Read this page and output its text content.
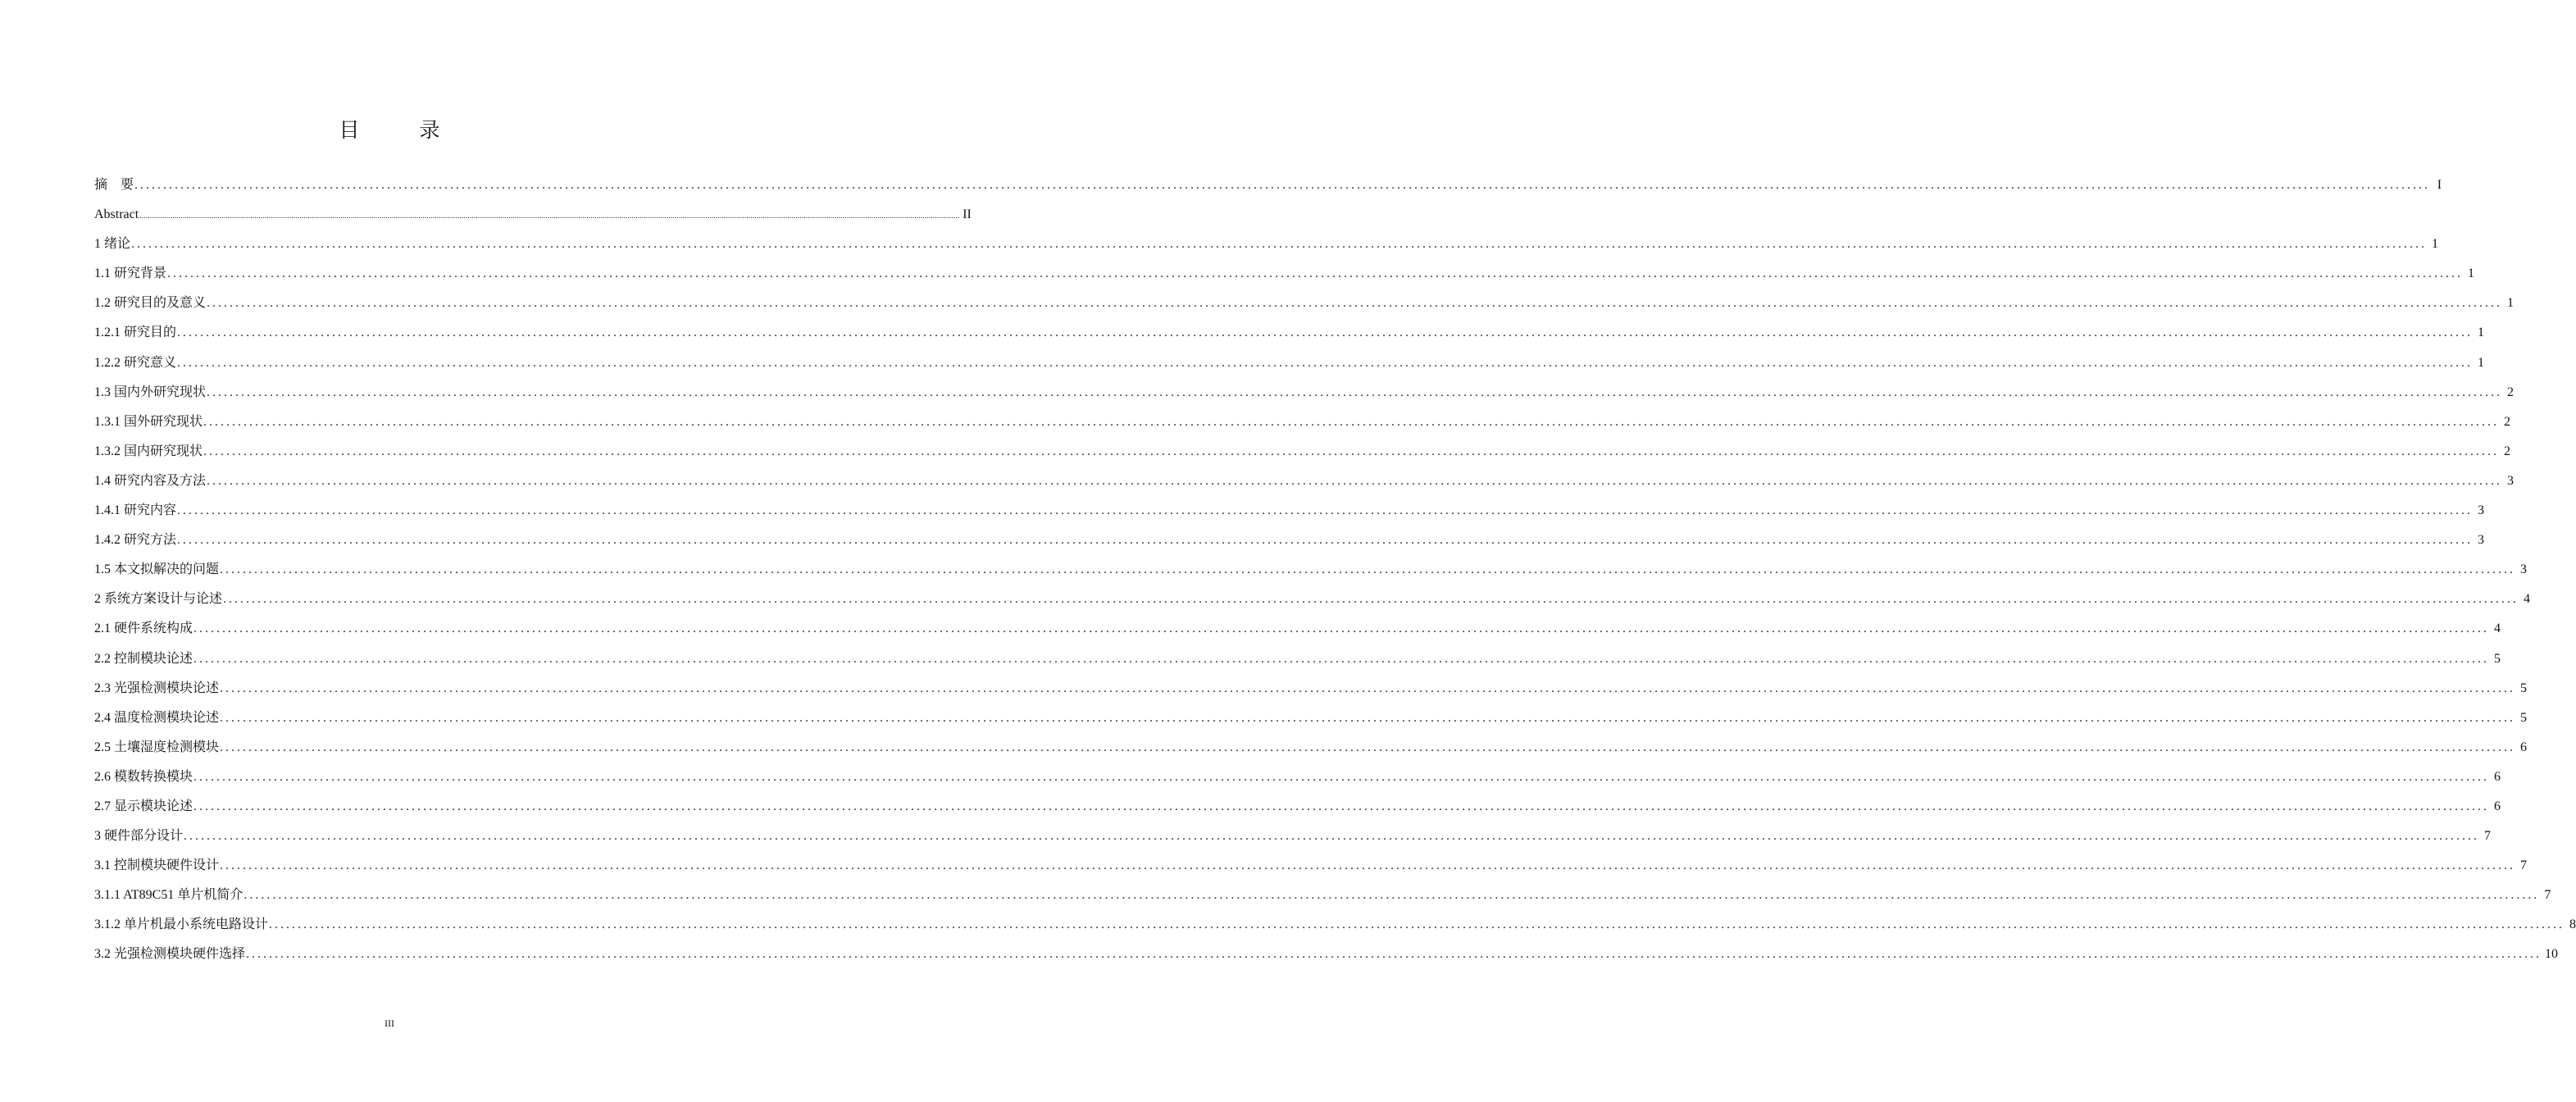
目　录
摘　要 ................................................................................................................................................................................................................................................................................................................................................................................................................ I
Abstract ................................................................................................................................................................................................................................................................................................................................................................................................................ II
1 绪论 ................................................................................................................................................................................................................................................................................................................................................................................................................ 1
1.1 研究背景 ................................................................................................................................................................................................................................................................................................................................................................................................................ 1
1.2 研究目的及意义 ................................................................................................................................................................................................................................................................................................................................................................................................................ 1
1.2.1 研究目的 ................................................................................................................................................................................................................................................................................................................................................................................................................ 1
1.2.2 研究意义 ................................................................................................................................................................................................................................................................................................................................................................................................................ 1
1.3 国内外研究现状 ................................................................................................................................................................................................................................................................................................................................................................................................................ 2
1.3.1 国外研究现状 ................................................................................................................................................................................................................................................................................................................................................................................................................ 2
1.3.2 国内研究现状 ................................................................................................................................................................................................................................................................................................................................................................................................................ 2
1.4 研究内容及方法 ................................................................................................................................................................................................................................................................................................................................................................................................................ 3
1.4.1 研究内容 ................................................................................................................................................................................................................................................................................................................................................................................................................ 3
1.4.2 研究方法 ................................................................................................................................................................................................................................................................................................................................................................................................................ 3
1.5 本文拟解决的问题 ................................................................................................................................................................................................................................................................................................................................................................................................................ 3
2 系统方案设计与论述 ................................................................................................................................................................................................................................................................................................................................................................................................................ 4
2.1 硬件系统构成 ................................................................................................................................................................................................................................................................................................................................................................................................................ 4
2.2 控制模块论述 ................................................................................................................................................................................................................................................................................................................................................................................................................ 5
2.3 光强检测模块论述 ................................................................................................................................................................................................................................................................................................................................................................................................................ 5
2.4 温度检测模块论述 ................................................................................................................................................................................................................................................................................................................................................................................................................ 5
2.5 土壤湿度检测模块 ................................................................................................................................................................................................................................................................................................................................................................................................................ 6
2.6 模数转换模块 ................................................................................................................................................................................................................................................................................................................................................................................................................ 6
2.7 显示模块论述 ................................................................................................................................................................................................................................................................................................................................................................................................................ 6
3 硬件部分设计 ................................................................................................................................................................................................................................................................................................................................................................................................................ 7
3.1 控制模块硬件设计 ................................................................................................................................................................................................................................................................................................................................................................................................................ 7
3.1.1 AT89C51 单片机简介 ................................................................................................................................................................................................................................................................................................................................................................................................................ 7
3.1.2 单片机最小系统电路设计 ................................................................................................................................................................................................................................................................................................................................................................................................................ 8
3.2 光强检测模块硬件选择 ................................................................................................................................................................................................................................................................................................................................................................................................................ 10
III
